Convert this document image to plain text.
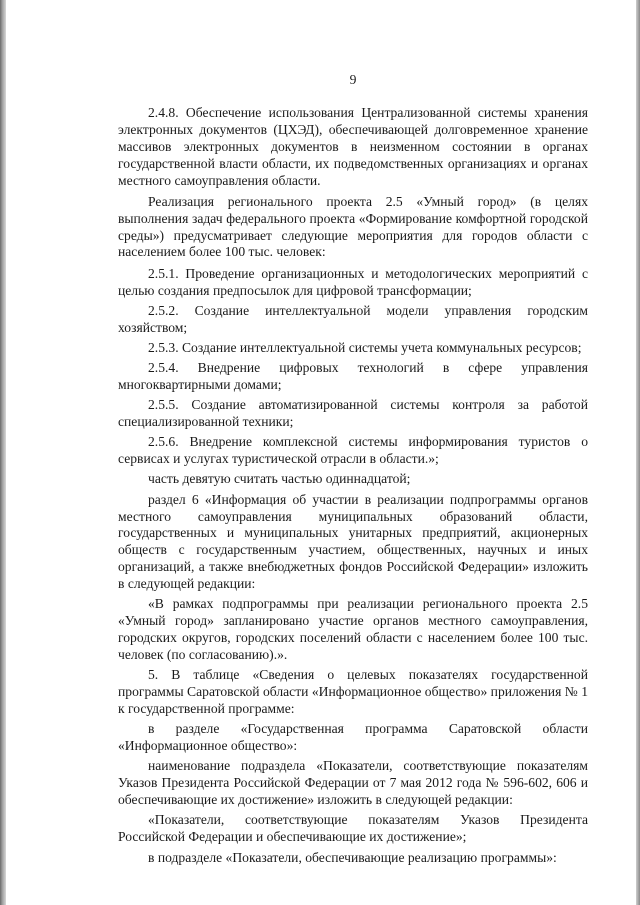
9

2.4.8. Обеспечение использования Централизованной системы хранения электронных документов (ЦХЭД), обеспечивающей долговременное хранение массивов электронных документов в неизменном состоянии в органах государственной власти области, их подведомственных организациях и органах местного самоуправления области.

Реализация регионального проекта 2.5 «Умный город» (в целях выполнения задач федерального проекта «Формирование комфортной городской среды») предусматривает следующие мероприятия для городов области с населением более 100 тыс. человек:

2.5.1. Проведение организационных и методологических мероприятий с целью создания предпосылок для цифровой трансформации;

2.5.2. Создание интеллектуальной модели управления городским хозяйством;

2.5.3. Создание интеллектуальной системы учета коммунальных ресурсов;

2.5.4. Внедрение цифровых технологий в сфере управления многоквартирными домами;

2.5.5. Создание автоматизированной системы контроля за работой специализированной техники;

2.5.6. Внедрение комплексной системы информирования туристов о сервисах и услугах туристической отрасли в области.»;

часть девятую считать частью одиннадцатой;

раздел 6 «Информация об участии в реализации подпрограммы органов местного самоуправления муниципальных образований области, государственных и муниципальных унитарных предприятий, акционерных обществ с государственным участием, общественных, научных и иных организаций, а также внебюджетных фондов Российской Федерации» изложить в следующей редакции:

«В рамках подпрограммы при реализации регионального проекта 2.5 «Умный город» запланировано участие органов местного самоуправления, городских округов, городских поселений области с населением более 100 тыс. человек (по согласованию).».

5. В таблице «Сведения о целевых показателях государственной программы Саратовской области «Информационное общество» приложения № 1 к государственной программе:

в разделе «Государственная программа Саратовской области «Информационное общество»:

наименование подраздела «Показатели, соответствующие показателям Указов Президента Российской Федерации от 7 мая 2012 года № 596-602, 606 и обеспечивающие их достижение» изложить в следующей редакции:

«Показатели, соответствующие показателям Указов Президента Российской Федерации и обеспечивающие их достижение»;

в подразделе «Показатели, обеспечивающие реализацию программы»:
